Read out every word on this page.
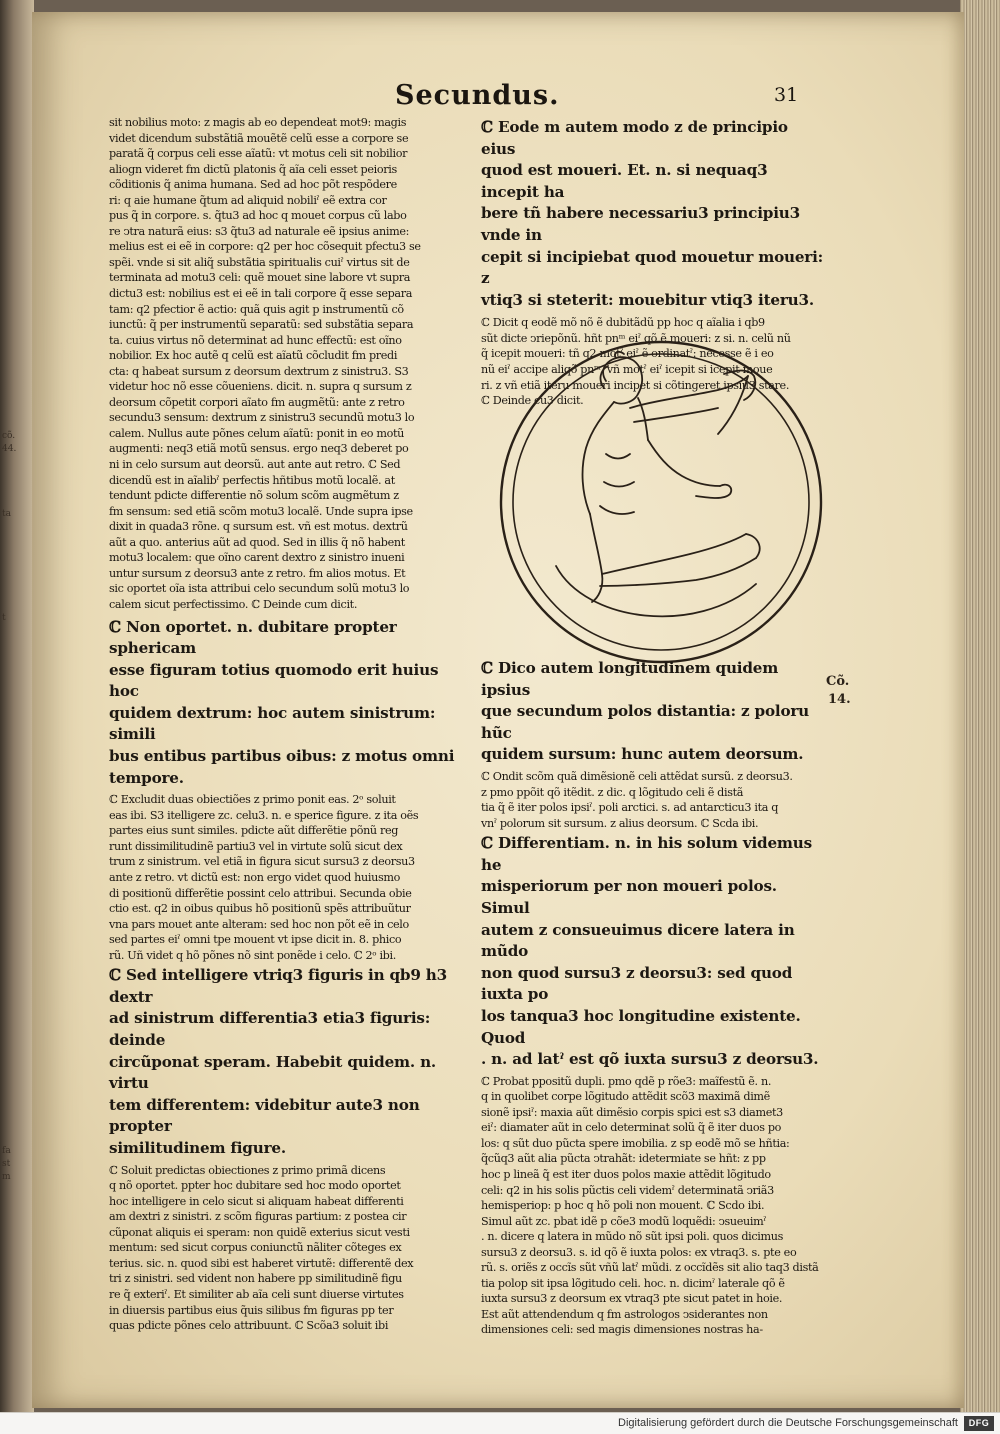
cõ.
44.

ta

t

fa
st
m
Secundus.	31

sit nobilius moto: z magis ab eo dependeat mot9: magis

videt dicendum substãtiã mouẽtẽ celũ esse a corpore se

paratã q̃ corpus celi esse aĩatũ: vt motus celi sit nobilior

aliogn videret fm dictũ platonis q̃ aĩa celi esset peioris

cõditionis q̃ anima humana. Sed ad hoc põt respõdere

ri: q aie humane q̃tum ad aliquid nobiliˀ eẽ extra cor

pus q̃ in corpore. s. q̃tu3 ad hoc q mouet corpus cũ labo

re ↄtra naturã eius: s3 q̃tu3 ad naturale eẽ ipsius anime:

melius est ei eẽ in corpore: q2 per hoc cõsequit pfectu3 se

spẽi. vnde si sit aliq̃ substãtia spiritualis cuiˀ virtus sit de

terminata ad motu3 celi: quẽ mouet sine labore vt supra

dictu3 est: nobilius est ei eẽ in tali corpore q̃ esse separa

tam: q2 pfectior ẽ actio: quã quis agit p instrumentũ cõ

iunctũ: q̃ per instrumentũ separatũ: sed substãtia separa

ta. cuius virtus nõ determinat ad hunc effectũ: est oĩno

nobilior. Ex hoc autẽ q celũ est aĩatũ cõcludit fm predi

cta: q habeat sursum z deorsum dextrum z sinistru3. S3

videtur hoc nõ esse cõueniens. dicit. n. supra q sursum z

deorsum cõpetit corpori aĩato fm augmẽtũ: ante z retro

secundu3 sensum: dextrum z sinistru3 secundũ motu3 lo

calem. Nullus aute põnes celum aĩatũ: ponit in eo motũ

augmenti: neq3 etiã motũ sensus. ergo neq3 deberet po

ni in celo sursum aut deorsũ. aut ante aut retro. ℂ Sed

dicendũ est in aĩalibˀ perfectis hñtibus motũ localẽ. at

tendunt pdicte differentie nõ solum scõm augmẽtum z

fm sensum: sed etiã scõm motu3 localẽ. Unde supra ipse

dixit in quada3 rõne. q sursum est. vñ est motus. dextrũ

aũt a quo. anterius aũt ad quod. Sed in illis q̃ nõ habent

motu3 localem: que oĩno carent dextro z sinistro inueni

untur sursum z deorsu3 ante z retro. fm alios motus. Et

sic oportet oĩa ista attribui celo secundum solũ motu3 lo

calem sicut perfectissimo. ℂ Deinde cum dicit.

ℂ Non oportet. n. dubitare propter sphericam

esse figuram totius quomodo erit huius hoc

quidem dextrum: hoc autem sinistrum: simili

bus entibus partibus oibus: z motus omni

tempore.

ℂ Excludit duas obiectiões z primo ponit eas. 2ᵒ soluit

eas ibi. S3 itelligere zc. celu3. n. e sperice figure. z ita oẽs

partes eius sunt similes. pdicte aũt differẽtie põnũ reg

runt dissimilitudinẽ partiu3 vel in virtute solũ sicut dex

trum z sinistrum. vel etiã in figura sicut sursu3 z deorsu3

ante z retro. vt dictũ est: non ergo videt quod huiusmo

di positionũ differẽtie possint celo attribui. Secunda obie

ctio est. q2 in oibus quibus hõ positionũ spẽs attribuũtur

vna pars mouet ante alteram: sed hoc non põt eẽ in celo

sed partes eiˀ omni tpe mouent vt ipse dicit in. 8. phico

rũ. Uñ videt q hõ põnes nõ sint ponẽde i celo. ℂ 2ᵒ ibi.

ℂ Sed intelligere vtriq3 figuris in qb9 h3 dextr

ad sinistrum differentia3 etia3 figuris: deinde

circũponat speram. Habebit quidem. n. virtu

tem differentem: videbitur aute3 non propter

similitudinem figure.

ℂ Soluit predictas obiectiones z primo primã dicens

q nõ oportet. ppter hoc dubitare sed hoc modo oportet

hoc intelligere in celo sicut si aliquam habeat differenti

am dextri z sinistri. z scõm figuras partium: z postea cir

cũponat aliquis ei speram: non quidẽ exterius sicut vesti

mentum: sed sicut corpus coniunctũ nãliter cõteges ex

terius. sic. n. quod sibi est haberet virtutẽ: differentẽ dex

tri z sinistri. sed vident non habere pp similitudinẽ figu

re q̃ exteriˀ. Et similiter ab aĩa celi sunt diuerse virtutes

in diuersis partibus eius q̃uis silibus fm figuras pp ter

quas pdicte põnes celo attribuunt. ℂ Scõa3 soluit ibi

ℂ Eode m autem modo z de principio eius

quod est moueri. Et. n. si nequaq3 incepit ha

bere tñ habere necessariu3 principiu3 vnde in

cepit si incipiebat quod mouetur moueri: z

vtiq3 si steterit: mouebitur vtiq3 iteru3.

ℂ Dicit q eodẽ mõ nõ ẽ dubitãdũ pp hoc q aĩalia i qb9

sũt dicte ↄriepõnũ. hñt pnᵐ eiˀ qõ ẽ moueri: z si. n. celũ nũ

q̃ icepit moueri: tñ q2 motˀ eiˀ ẽ ordinatˀ: necesse ẽ i eo

nũ eiˀ accipe aliqõ pnᵐ. vñ motˀ eiˀ icepit si icepit moue

ri. z vñ etiã iteru moueri incipet si cõtingeret ipsiu3 stare.

ℂ Deinde cu3 dicit.

Cõ.
14.

ℂ Dico autem longitudinem quidem ipsius

que secundum polos distantia: z poloru hũc

quidem sursum: hunc autem deorsum.

ℂ Ondit scõm quã dimẽsionẽ celi attẽdat sursũ. z deorsu3.

z pmo ppõit qõ itẽdit. z dic. q lõgitudo celi ẽ distã

tia q̃ ẽ iter polos ipsiˀ. poli arctici. s. ad antarcticu3 ita q

vnˀ polorum sit sursum. z alius deorsum. ℂ Scda ibi.

ℂ Differentiam. n. in his solum videmus he

misperiorum per non moueri polos. Simul

autem z consueuimus dicere latera in mũdo

non quod sursu3 z deorsu3: sed quod iuxta po

los tanqua3 hoc longitudine existente. Quod

. n. ad latˀ est qõ iuxta sursu3 z deorsu3.

ℂ Probat ppositũ dupli. pmo qdẽ p rõe3: maĩfestũ ẽ. n.

q in quolibet corpe lõgitudo attẽdit scõ3 maximã dimẽ

sionẽ ipsiˀ: maxia aũt dimẽsio corpis spici est s3 diamet3

eiˀ: diamater aũt in celo determinat solũ q̃ ẽ iter duos po

los: q sũt duo pũcta spere imobilia. z sp eodẽ mõ se hñtia:

q̃cũq3 aũt alia pũcta ↄtrahãt: idetermiate se hñt: z pp

hoc p lineã q̃ est iter duos polos maxie attẽdit lõgitudo

celi: q2 in his solis pũctis celi videmˀ determinatã ↄriã3

hemisperiop: p hoc q hõ poli non mouent. ℂ Scdo ibi.

Simul aũt zc. pbat idẽ p cõe3 modũ loquẽdi: ↄsueuimˀ

. n. dicere q latera in mũdo nõ sũt ipsi poli. quos dicimus

sursu3 z deorsu3. s. id qõ ẽ iuxta polos: ex vtraq3. s. pte eo

rũ. s. oriẽs z occĩs sũt vñũ latˀ mũdi. z occĩdẽs sit alio taq3 distã

tia polop sit ipsa lõgitudo celi. hoc. n. dicimˀ laterale qõ ẽ

iuxta sursu3 z deorsum ex vtraq3 pte sicut patet in hoie.

Est aũt attendendum q fm astrologos ↄsiderantes non

dimensiones celi: sed magis dimensiones nostras ha-

Digitalisierung gefördert durch die Deutsche Forschungsgemeinschaft	DFG
